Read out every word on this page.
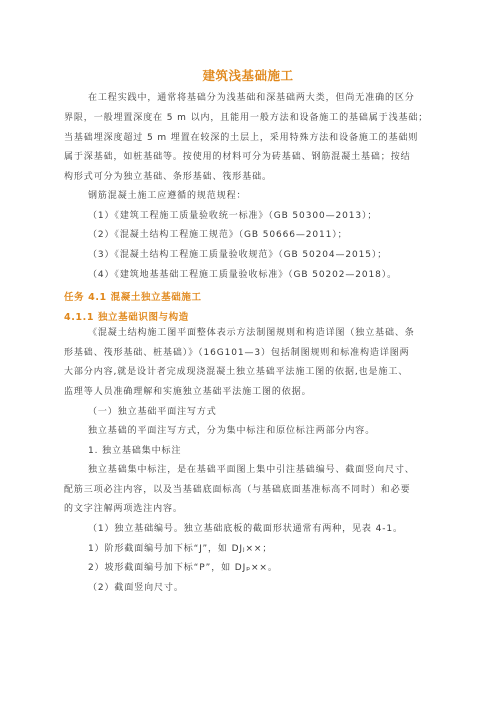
建筑浅基础施工
在工程实践中，通常将基础分为浅基础和深基础两大类，但尚无准确的区分
界限，一般埋置深度在 5 m 以内，且能用一般方法和设备施工的基础属于浅基础；
当基础埋深度超过 5 m 埋置在较深的土层上，采用特殊方法和设备施工的基础则
属于深基础，如桩基础等。按使用的材料可分为砖基础、钢筋混凝土基础；按结
构形式可分为独立基础、条形基础、筏形基础。
钢筋混凝土施工应遵循的规范规程：
（1）《建筑工程施工质量验收统一标准》（GB 50300—2013）；
（2）《混凝土结构工程施工规范》（GB 50666—2011）；
（3）《混凝土结构工程施工质量验收规范》（GB 50204—2015）；
（4）《建筑地基基础工程施工质量验收标准》（GB 50202—2018）。
任务 4.1 混凝土独立基础施工
4.1.1 独立基础识图与构造
《混凝土结构施工图平面整体表示方法制图规则和构造详图（独立基础、条
形基础、筏形基础、桩基础）》（16G101—3）包括制图规则和标准构造详图两
大部分内容,就是设计者完成现浇混凝土独立基础平法施工图的依据,也是施工、
监理等人员准确理解和实施独立基础平法施工图的依据。
（一）独立基础平面注写方式
独立基础的平面注写方式，分为集中标注和原位标注两部分内容。
1. 独立基础集中标注
独立基础集中标注，是在基础平面图上集中引注基础编号、截面竖向尺寸、
配筋三项必注内容，以及当基础底面标高（与基础底面基准标高不同时）和必要
的文字注解两项选注内容。
（1）独立基础编号。独立基础底板的截面形状通常有两种，见表 4-1。
1）阶形截面编号加下标“J”，如 DJⱼ××；
2）坡形截面编号加下标“P”，如 DJₚ××。
（2）截面竖向尺寸。
